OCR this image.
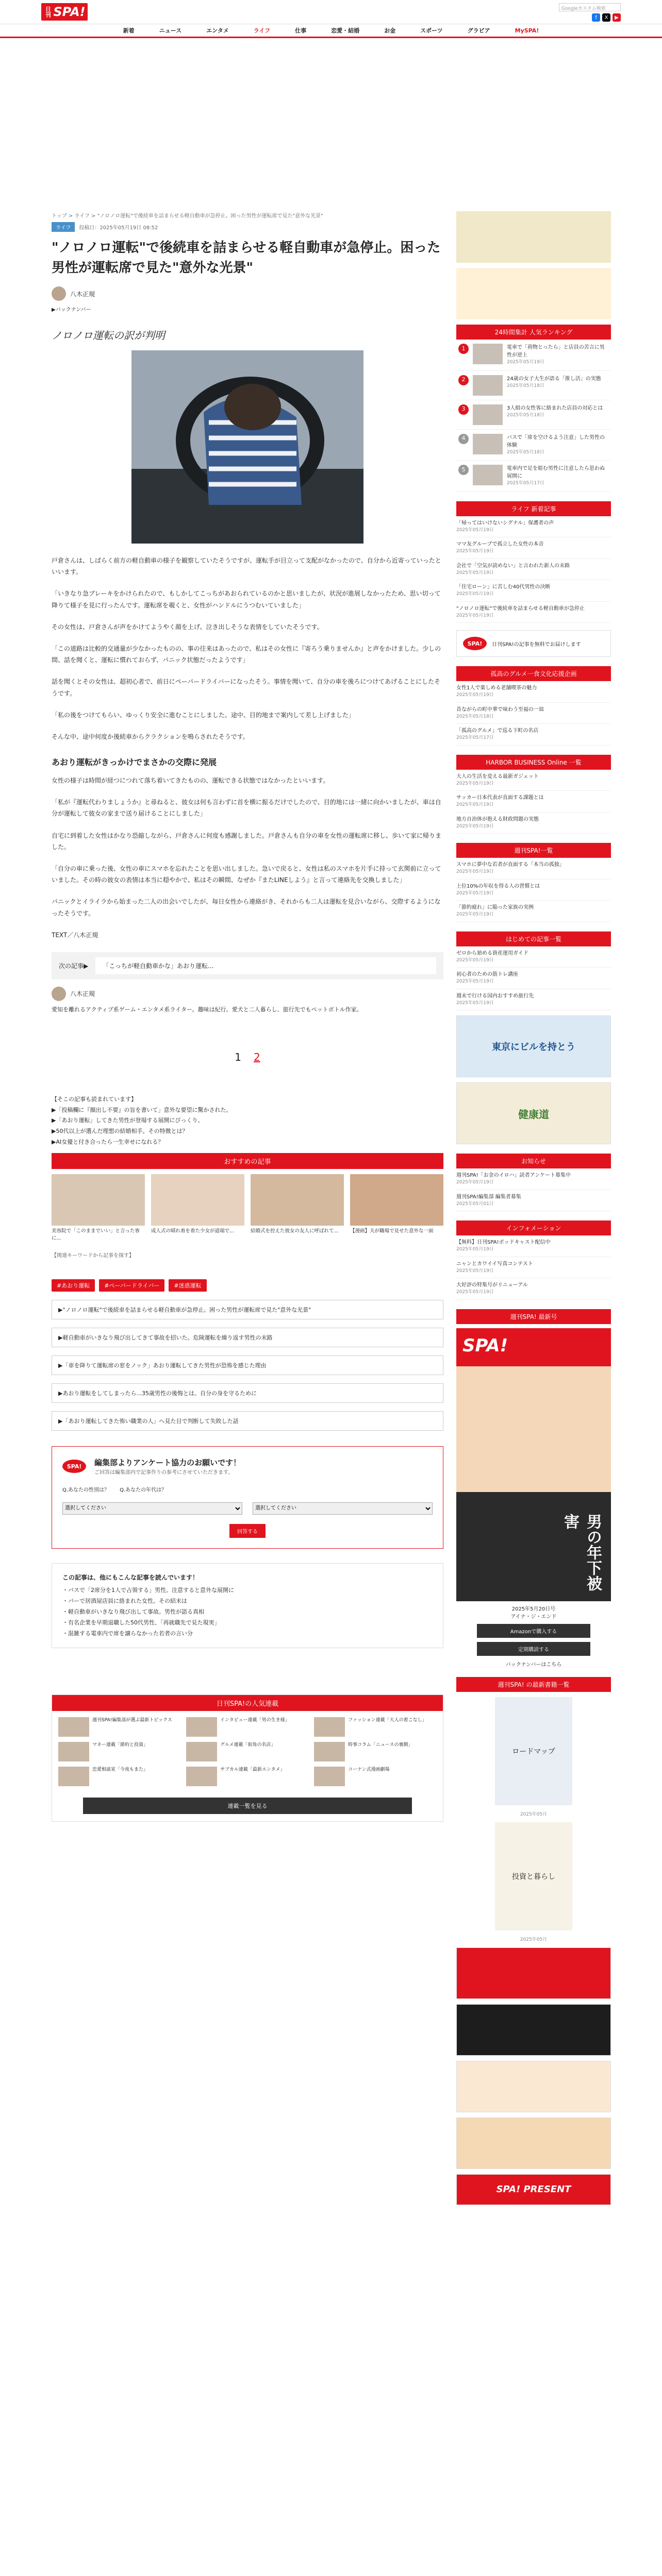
日刊 SPA!	Googleカスタム検索
f	X	▶
新着	ニュース	エンタメ	ライフ	仕事	恋愛・結婚	お金	スポーツ	グラビア	MySPA!
トップ > ライフ > "ノロノロ運転"で後続車を詰まらせる軽自動車が急停止。困った男性が運転席で見た"意外な光景"
ライフ 投稿日：2025年05月19日 08:52
"ノロノロ運転"で後続車を詰まらせる軽自動車が急停止。困った男性が運転席で見た"意外な光景"
八木正規
▶バックナンバー
ノロノロ運転の訳が判明

戸倉さんは、しばらく前方の軽自動車の様子を観察していたそうですが、運転手が目立って支配がなかったので、自分から近寄っていったといいます。

「いきなり急ブレーキをかけられたので、もしかしてこっちがあおられているのかと思いましたが、状況が進展しなかったため、思い切って降りて様子を見に行ったんです。運転席を覗くと、女性がハンドルにうつむいていました」

その女性は、戸倉さんが声をかけてようやく顔を上げ、泣き出しそうな表情をしていたそうです。

「この道路は比較的交通量が少なかったものの、事の往来はあったので、私はその女性に『寄ろう乗りませんか』と声をかけました。少しの間、話を聞くと、運転に慣れておらず、パニック状態だったようです」

話を聞くとその女性は、超初心者で、前日にペーパードライバーになったそう。事情を聞いて、自分の車を後ろにつけてあげることにしたそうです。

「私の後をつけてもらい、ゆっくり安全に進むことにしました。途中、目的地まで案内して差し上げました」

そんな中、途中何度か後続車からクラクションを鳴らされたそうです。

あおり運転がきっかけでまさかの交際に発展

女性の様子は時間が経つにつれて落ち着いてきたものの、運転できる状態ではなかったといいます。

「私が『運転代わりましょうか』と尋ねると、彼女は何も言わずに首を横に振るだけでしたので、目的地には一緒に向かいましたが、車は自分が運転して彼女の家まで送り届けることにしました」

自宅に到着した女性はかなり恐縮しながら、戸倉さんに何度も感謝しました。戸倉さんも自分の車を女性の運転席に移し、歩いて家に帰りました。

「自分の車に乗った後、女性の車にスマホを忘れたことを思い出しました。急いで戻ると、女性は私のスマホを片手に持って玄関前に立っていました。その時の彼女の表情は本当に穏やかで、私はその瞬間、なぜか『またLINEしよう』と言って連絡先を交換しました」

パニックとイライラから始まった二人の出会いでしたが、毎日女性から連絡がき、それからも二人は運転を見合いながら、交際するようになったそうです。

TEXT／八木正規

次の記事▶	「こっちが軽自動車かな」あおり運転...
八木正規

愛知を離れるアクティブ系ゲーム・エンタメ系ライター。趣味は紀行。愛犬と二人暮らし、旅行先でもペットボトル作家。

1 2
【そこの記事も読まれています】
▶「投稿欄に『顔出し不要』の旨を書いて」意外な要望に驚かされた。
▶「あおり運転」してきた男性が登場する展開にびっくり。
▶50代以上が選んだ理想の結婚相手。その特徴とは？
▶AI女優と付き合ったら一生幸せになれる？
おすすめの記事
美容院で「このままでいい」と言った客に...
成人式の晴れ着を着た少女が道端で...	結婚式を控えた彼女の友人に呼ばれて...	【漫画】夫が職場で見せた意外な一面
【関連キーワードから記事を探す】
#あおり運転	#ペーパードライバー	#迷惑運転
▶"ノロノロ運転"で後続車を詰まらせる軽自動車が急停止。困った男性が運転席で見た"意外な光景"
▶軽自動車がいきなり飛び出してきて事故を招いた。危険運転を繰り返す男性の末路
▶「車を降りて運転席の窓をノック」あおり運転してきた男性が恐怖を感じた理由
▶あおり運転をしてしまったら...35歳男性の後悔とは。自分の身を守るために
▶「あおり運転してきた怖い職業の人」へ見た目で判断して失敗した話
SPA!	編集部よりアンケート協力のお願いです！
ご回答は編集部内で記事作りの参考にさせていただきます。
Q.あなたの性別は？ Q.あなたの年代は？
選択してください
選択してください
回答する
この記事は、他にもこんな記事を読んでいます！
・バスで「2席分を1人で占領する」男性。注意すると意外な展開に
・バーで居酒屋店員に絡まれた女性。その結末は
・軽自動車がいきなり飛び出して事故。男性が語る真相
・有名企業を早期退職した50代男性、「再就職先で見た現実」
・混雑する電車内で席を譲らなかった若者の言い分
日刊SPA!の人気連載
週刊SPA!編集部が選ぶ最新トピックス	インタビュー連載「男の生き様」	ファッション連載「大人の着こなし」
マネー連載「節約と投資」	グルメ連載「街角の名店」	時事コラム「ニュースの裏側」
恋愛相談室「今夜もまた」	サブカル連載「最新エンタメ」	コーナン式漫画劇場
連載一覧を見る
24時間集計 人気ランキング
1	電車で「荷物とったら」と店員の苦言に男性が逆上
2025年05月19日
2	24歳の女子大生が語る「推し活」の実態
2025年05月18日
3	3人組の女性客に絡まれた店員の対応とは
2025年05月18日
4	バスで「席を空けるよう注意」した男性の体験
2025年05月18日
5	電車内で足を組む男性に注意したら思わぬ展開に
2025年05月17日
ライフ 新着記事
「帰ってはいけないシグナル」保護者の声
2025年05月19日
ママ友グループで孤立した女性の本音
2025年05月19日
会社で「空気が読めない」と言われた新人の末路
2025年05月19日
「住宅ローン」に苦しむ40代男性の決断
2025年05月19日
"ノロノロ運転"で後続車を詰まらせる軽自動車が急停止
2025年05月19日
SPA!	日刊SPA!の記事を無料でお届けします
孤高のグルメ一食文化応援企画
女性1人で楽しめる老舗喫茶の魅力
2025年05月19日
昔ながらの町中華で味わう至福の一皿
2025年05月18日
「孤高のグルメ」で巡る下町の名店
2025年05月17日
HARBOR BUSINESS Online 一覧
大人の生活を変える最新ガジェット
2025年05月19日
サッカー日本代表が直面する課題とは
2025年05月19日
地方自治体が抱える財政問題の実態
2025年05月19日
週刊SPA!一覧
スマホに夢中な若者が直面する「本当の孤独」
2025年05月19日
上位10%の年収を得る人の習慣とは
2025年05月19日
「節約疲れ」に陥った家族の実例
2025年05月19日
はじめての記事一覧
ゼロから始める資産運用ガイド
2025年05月19日
初心者のための筋トレ講座
2025年05月19日
週末で行ける国内おすすめ旅行先
2025年05月19日
東京にビルを持とう
健康道
お知らせ
週刊SPA!「お金のイロハ」読者アンケート募集中
2025年05月19日
週刊SPA!編集部 編集者募集
2025年05月01日
インフォメーション
【無料】日刊SPA!ポッドキャスト配信中
2025年05月19日
ニャンとカワイイ写真コンテスト
2025年05月19日
大好評の特集号がリニューアル
2025年05月19日
週刊SPA! 最新号
SPA!
男の年下被害
2025年5月20日号
アイナ・ジ・エンド
Amazonで購入する
定期購読する
バックナンバーはこちら
週刊SPA! の最新書籍一覧
ロードマップ
2025年05月
投資と暮らし
2025年05月
SPA! PRESENT
